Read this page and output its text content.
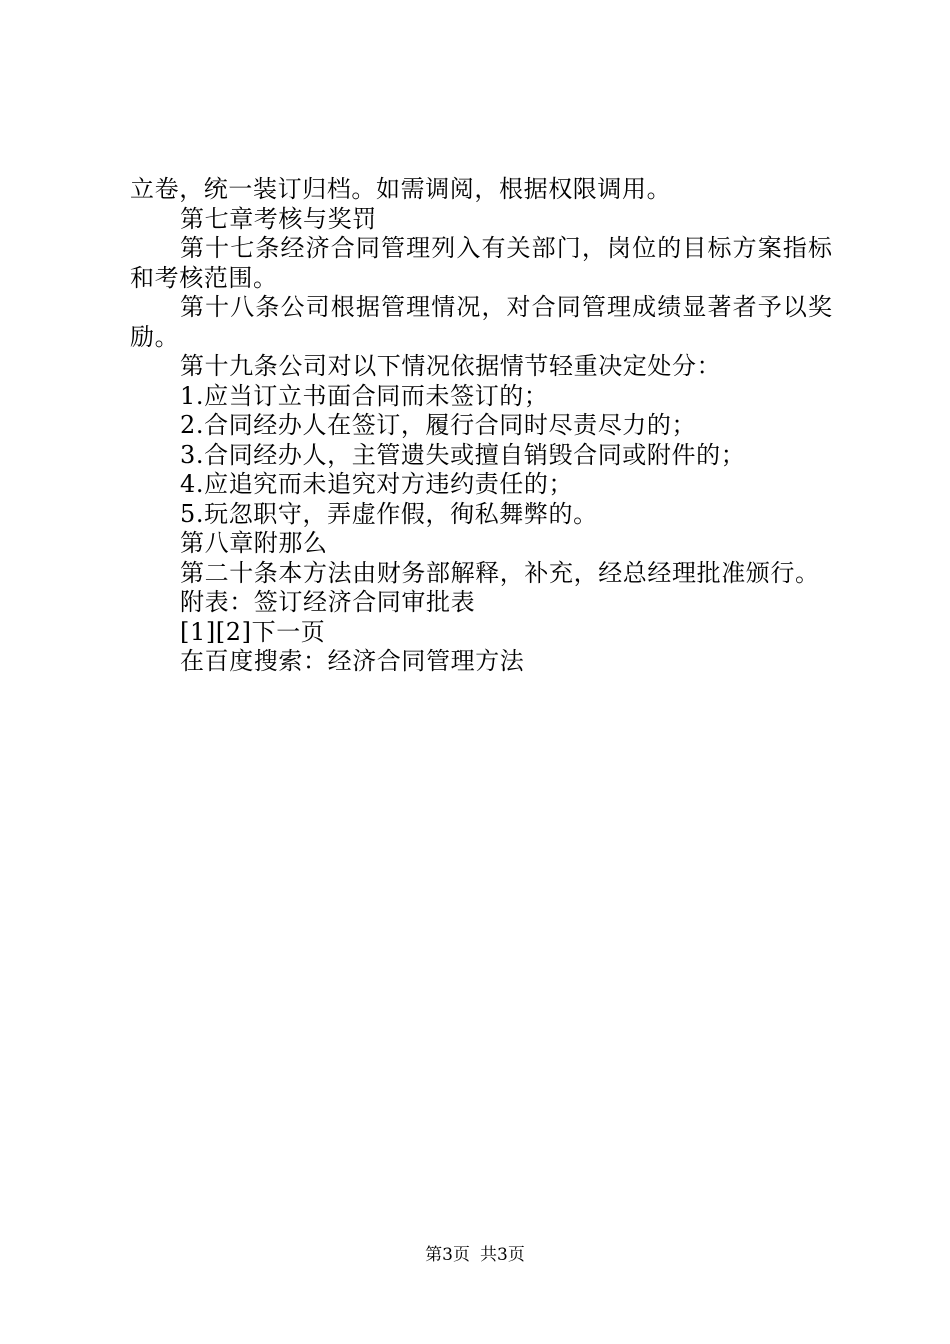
立卷，统一装订归档。如需调阅，根据权限调用。
第七章考核与奖罚
第十七条经济合同管理列入有关部门，岗位的目标方案指标
和考核范围。
第十八条公司根据管理情况，对合同管理成绩显著者予以奖
励。
第十九条公司对以下情况依据情节轻重决定处分：
1.应当订立书面合同而未签订的；
2.合同经办人在签订，履行合同时尽责尽力的；
3.合同经办人，主管遗失或擅自销毁合同或附件的；
4.应追究而未追究对方违约责任的；
5.玩忽职守，弄虚作假，徇私舞弊的。
第八章附那么
第二十条本方法由财务部解释，补充，经总经理批准颁行。
附表：签订经济合同审批表
[1][2]下一页
在百度搜索：经济合同管理方法
第3页 共3页
